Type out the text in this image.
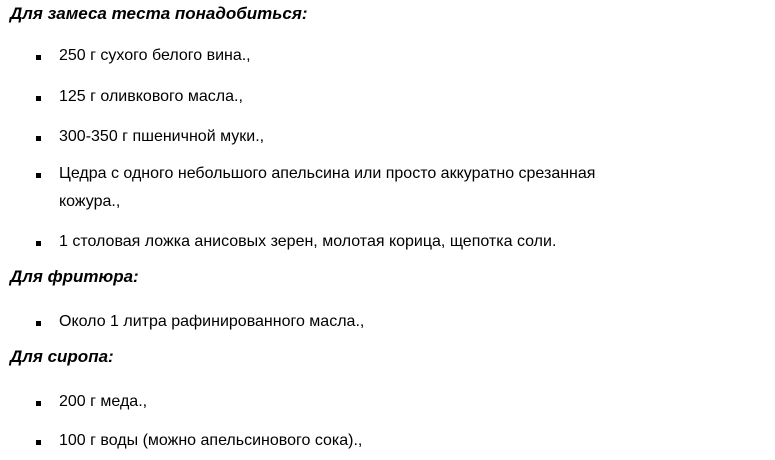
Для замеса теста понадобиться:
250 г сухого белого вина.,
125 г оливкового масла.,
300-350 г пшеничной муки.,
Цедра с одного небольшого апельсина или просто аккуратно срезанная
кожура.,
1 столовая ложка анисовых зерен, молотая корица, щепотка соли.
Для фритюра:
Около 1 литра рафинированного масла.,
Для сиропа:
200 г меда.,
100 г воды (можно апельсинового сока).,
